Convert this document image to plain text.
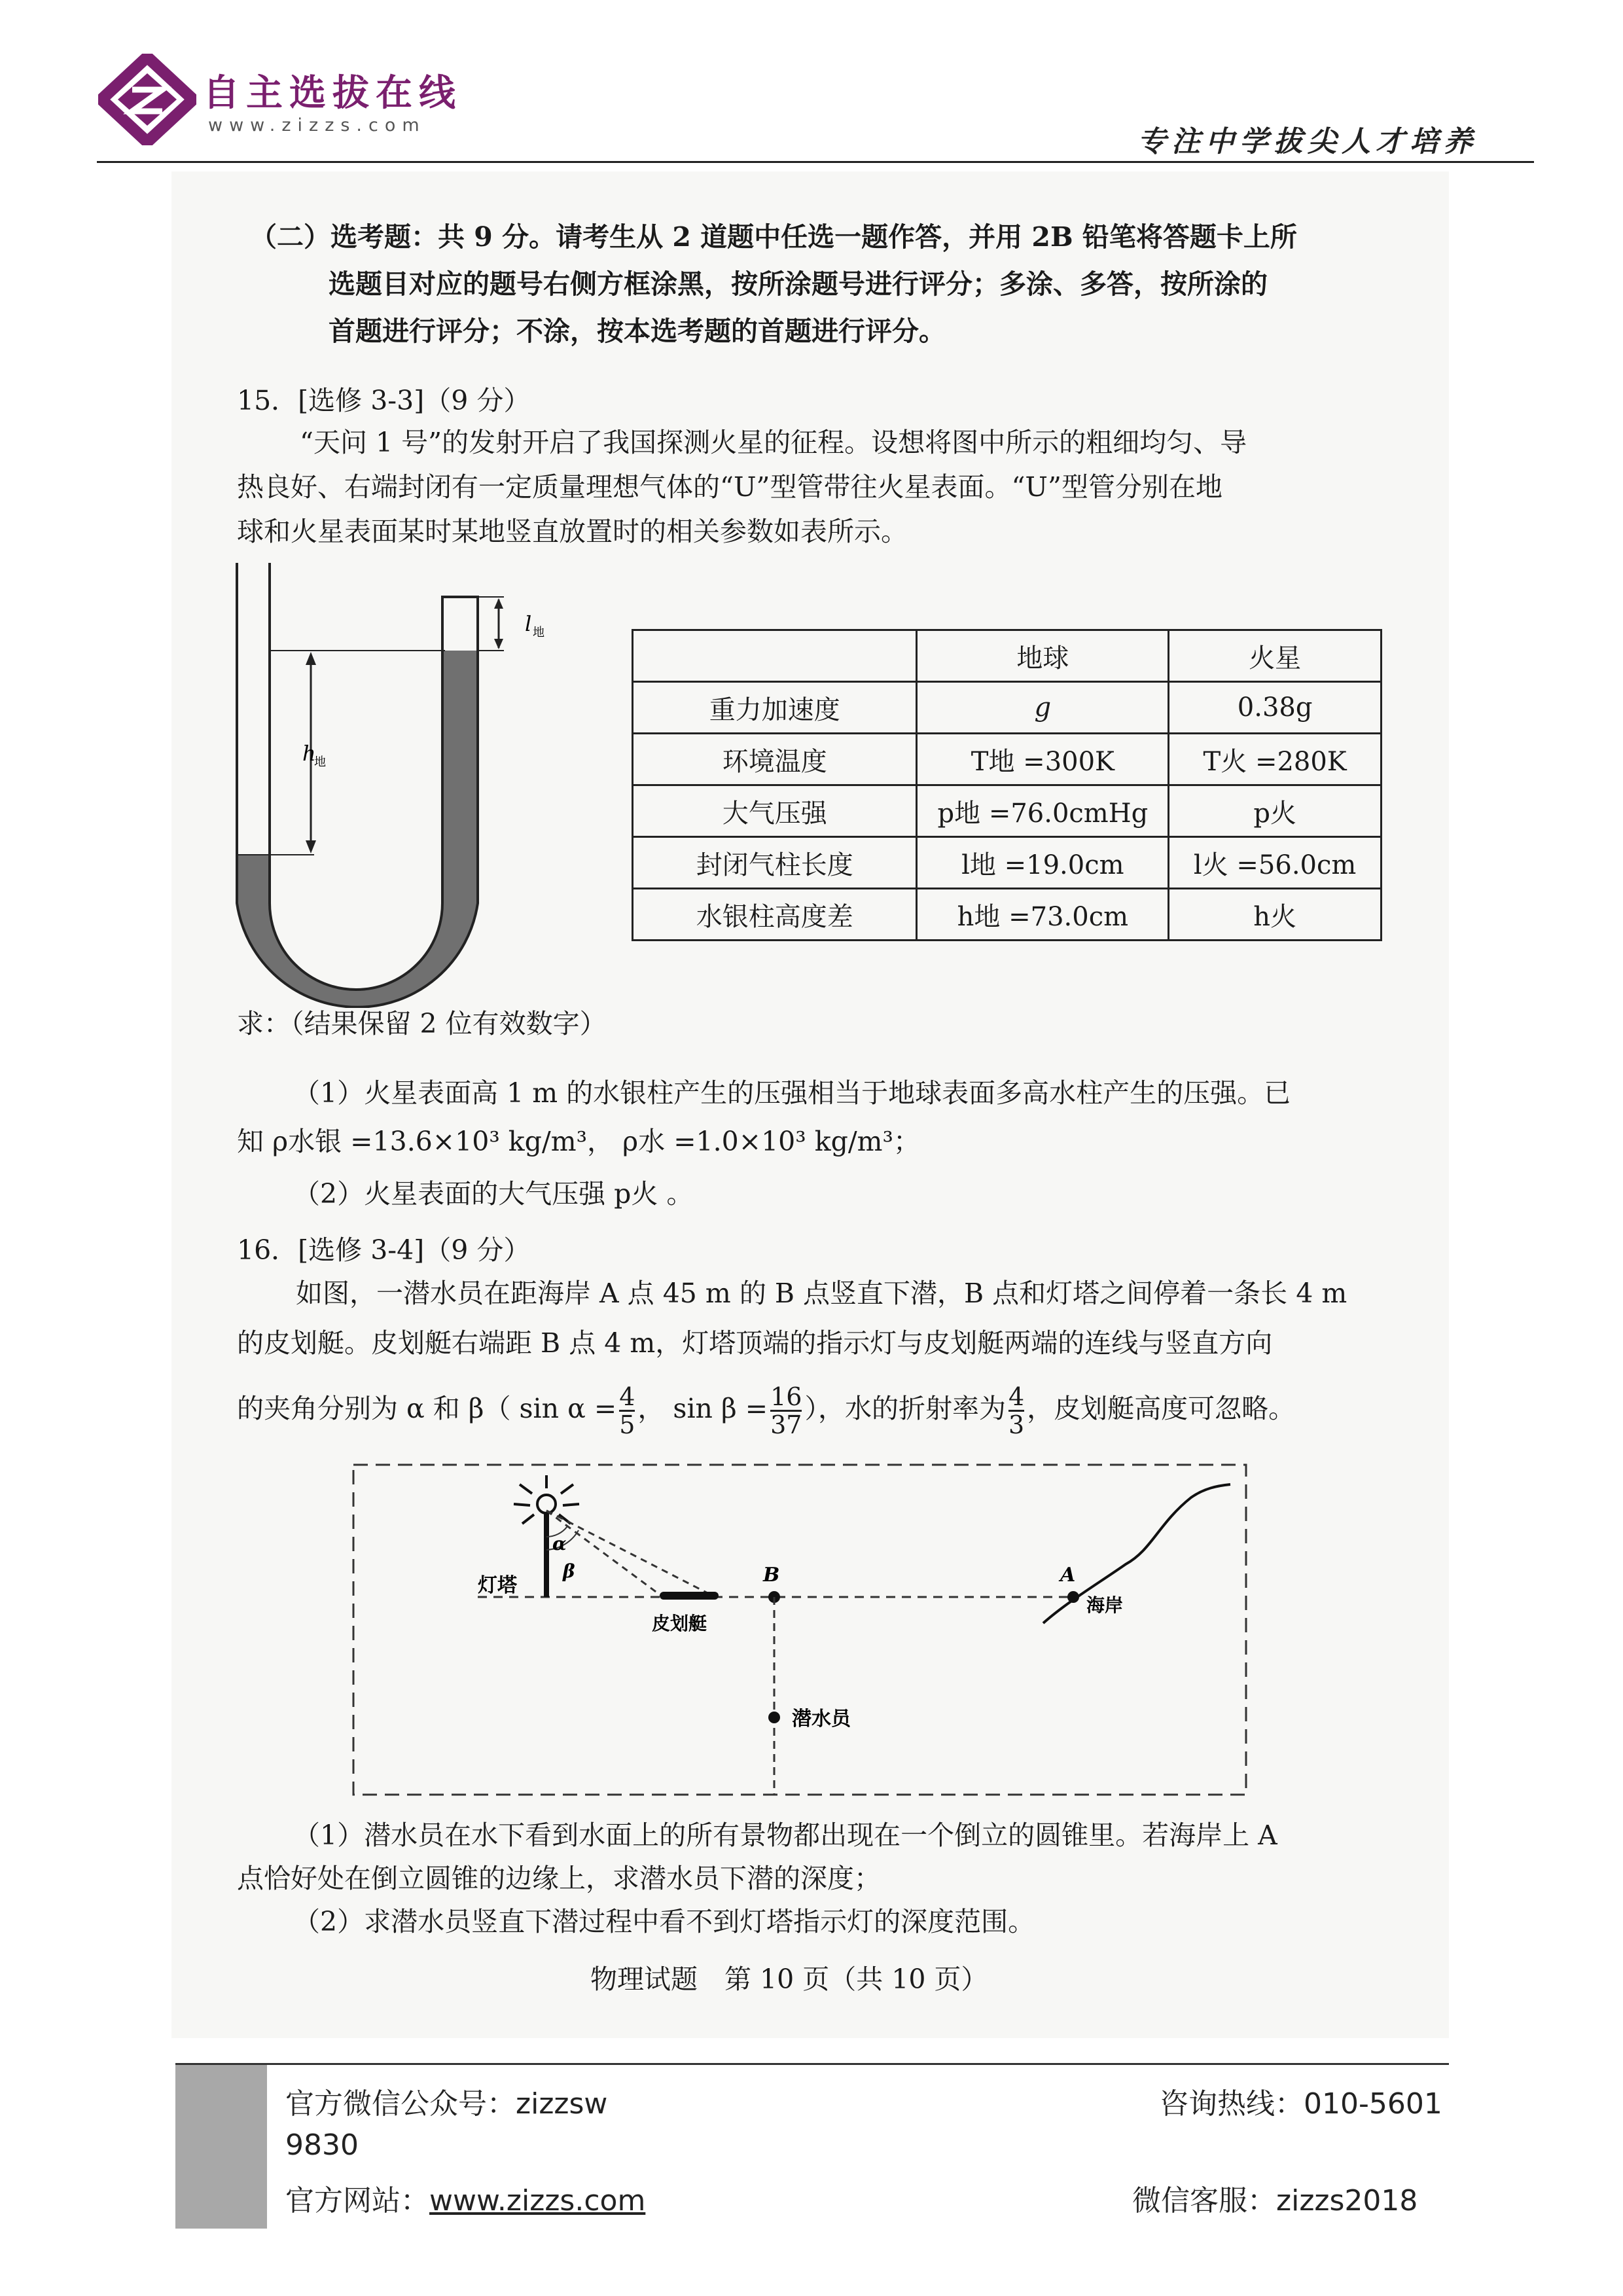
自主选拔在线
www.zizzs.com	专注中学拔尖人才培养
（二）选考题：共 9 分。请考生从 2 道题中任选一题作答，并用 2B 铅笔将答题卡上所
选题目对应的题号右侧方框涂黑，按所涂题号进行评分；多涂、多答，按所涂的
首题进行评分；不涂，按本选考题的首题进行评分。
15．[选修 3-3]（9 分）
“天问 1 号”的发射开启了我国探测火星的征程。设想将图中所示的粗细均匀、导
热良好、右端封闭有一定质量理想气体的“U”型管带往火星表面。“U”型管分别在地
球和火星表面某时某地竖直放置时的相关参数如表所示。
h
地
l 地
	地球	火星
重力加速度	g	0.38g
环境温度	T地 =300K	T火 =280K
大气压强	p地 =76.0cmHg	p火
封闭气柱长度	l地 =19.0cm	l火 =56.0cm
水银柱高度差	h地 =73.0cm	h火
求：（结果保留 2 位有效数字）
（1）火星表面高 1 m 的水银柱产生的压强相当于地球表面多高水柱产生的压强。已
知 ρ水银 =13.6×10³ kg/m³， ρ水 =1.0×10³ kg/m³；
（2）火星表面的大气压强 p火 。
16．[选修 3-4]（9 分）
如图，一潜水员在距海岸 A 点 45 m 的 B 点竖直下潜，B 点和灯塔之间停着一条长 4 m
的皮划艇。皮划艇右端距 B 点 4 m，灯塔顶端的指示灯与皮划艇两端的连线与竖直方向
的夹角分别为 α 和 β（ $\sin \alpha = \frac{4}{5}$ ， $\sin \beta = \frac{16}{37}$ ），水的折射率为 $\frac{4}{3}$ ，皮划艇高度可忽略。
α
β
灯塔
皮划艇
B
潜水员
A
海岸
（1）潜水员在水下看到水面上的所有景物都出现在一个倒立的圆锥里。若海岸上 A
点恰好处在倒立圆锥的边缘上，求潜水员下潜的深度；
（2）求潜水员竖直下潜过程中看不到灯塔指示灯的深度范围。
物理试题　第 10 页（共 10 页）
官方微信公众号：zizzsw	咨询热线：010-5601
9830
官方网站：www.zizzs.com	微信客服：zizzs2018
